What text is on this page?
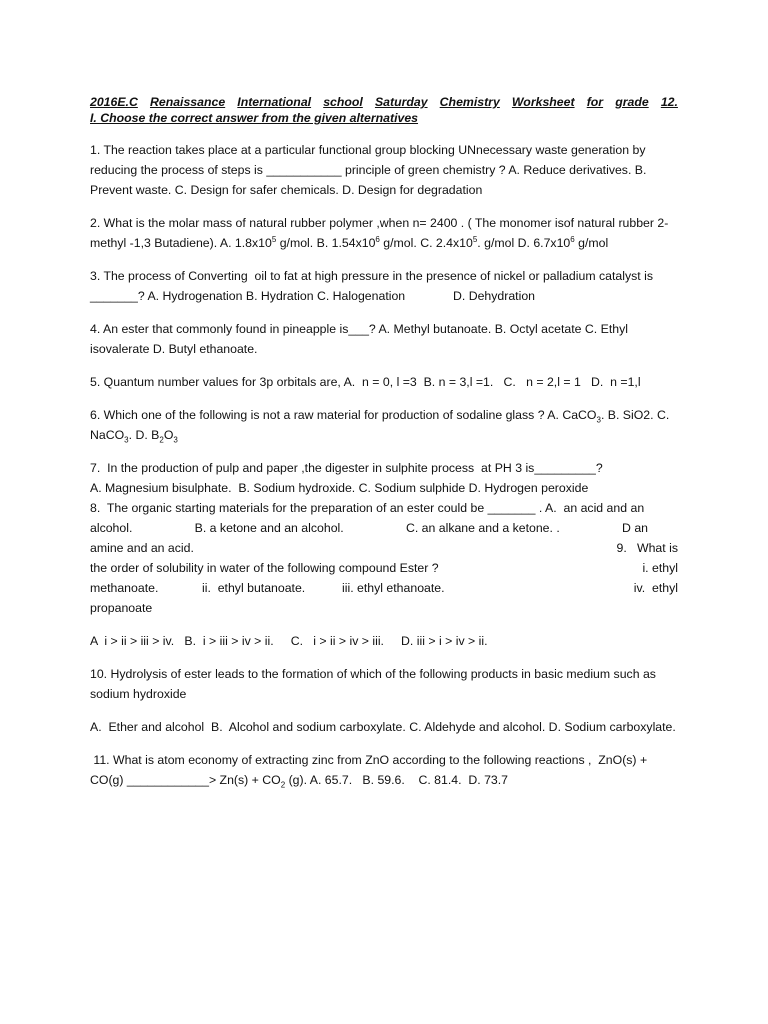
2016E.C Renaissance International school Saturday Chemistry Worksheet for grade 12.
I. Choose the correct answer from the given alternatives

1. The reaction takes place at a particular functional group blocking UNnecessary waste generation by reducing the process of steps is ___________ principle of green chemistry ? A. Reduce derivatives. B. Prevent waste. C. Design for safer chemicals. D. Design for degradation

2. What is the molar mass of natural rubber polymer ,when n= 2400 . ( The monomer isof natural rubber 2- methyl -1,3 Butadiene). A. $1.8x10^5$ g/mol. B. $1.54x10^6$ g/mol. C. $2.4x10^5$. g/mol D. $6.7x10^6$ g/mol

3. The process of Converting  oil to fat at high pressure in the presence of nickel or palladium catalyst is _______? A. Hydrogenation B. Hydration C. Halogenation              D. Dehydration

4. An ester that commonly found in pineapple is___? A. Methyl butanoate. B. Octyl acetate C. Ethyl isovalerate D. Butyl ethanoate.

5. Quantum number values for 3p orbitals are, A.  n = 0, l =3  B. n = 3,l =1.   C.   n = 2,l = 1   D.  n =1,l

6. Which one of the following is not a raw material for production of sodaline glass ? A. CaCO$_3$. B. SiO2. C. NaCO$_3$. D. $B_2O_3$

7.  In the production of pulp and paper ,the digester in sulphite process  at PH 3 is_________?
A. Magnesium bisulphate.  B. Sodium hydroxide. C. Sodium sulphide D. Hydrogen peroxide
8.  The organic starting materials for the preparation of an ester could be _______ . A.  an acid and an
alcohol.	B. a ketone and an alcohol.	C. an alkane and a ketone. .	D an
amine and an acid.	9.   What is
the order of solubility in water of the following compound Ester ?	i. ethyl
methanoate.	ii.  ethyl butanoate.	iii. ethyl ethanoate.	iv.  ethyl
propanoate

A  i > ii > iii > iv.   B.  i > iii > iv > ii.     C.   i > ii > iv > iii.     D. iii > i > iv > ii.

10. Hydrolysis of ester leads to the formation of which of the following products in basic medium such as sodium hydroxide

A.  Ether and alcohol  B.  Alcohol and sodium carboxylate. C. Aldehyde and alcohol. D. Sodium carboxylate.

11. What is atom economy of extracting zinc from ZnO according to the following reactions ,  ZnO(s) + CO(g) ____________> $Zn(s) + CO_2$ (g). A. 65.7.   B. 59.6.    C. 81.4.  D. 73.7
